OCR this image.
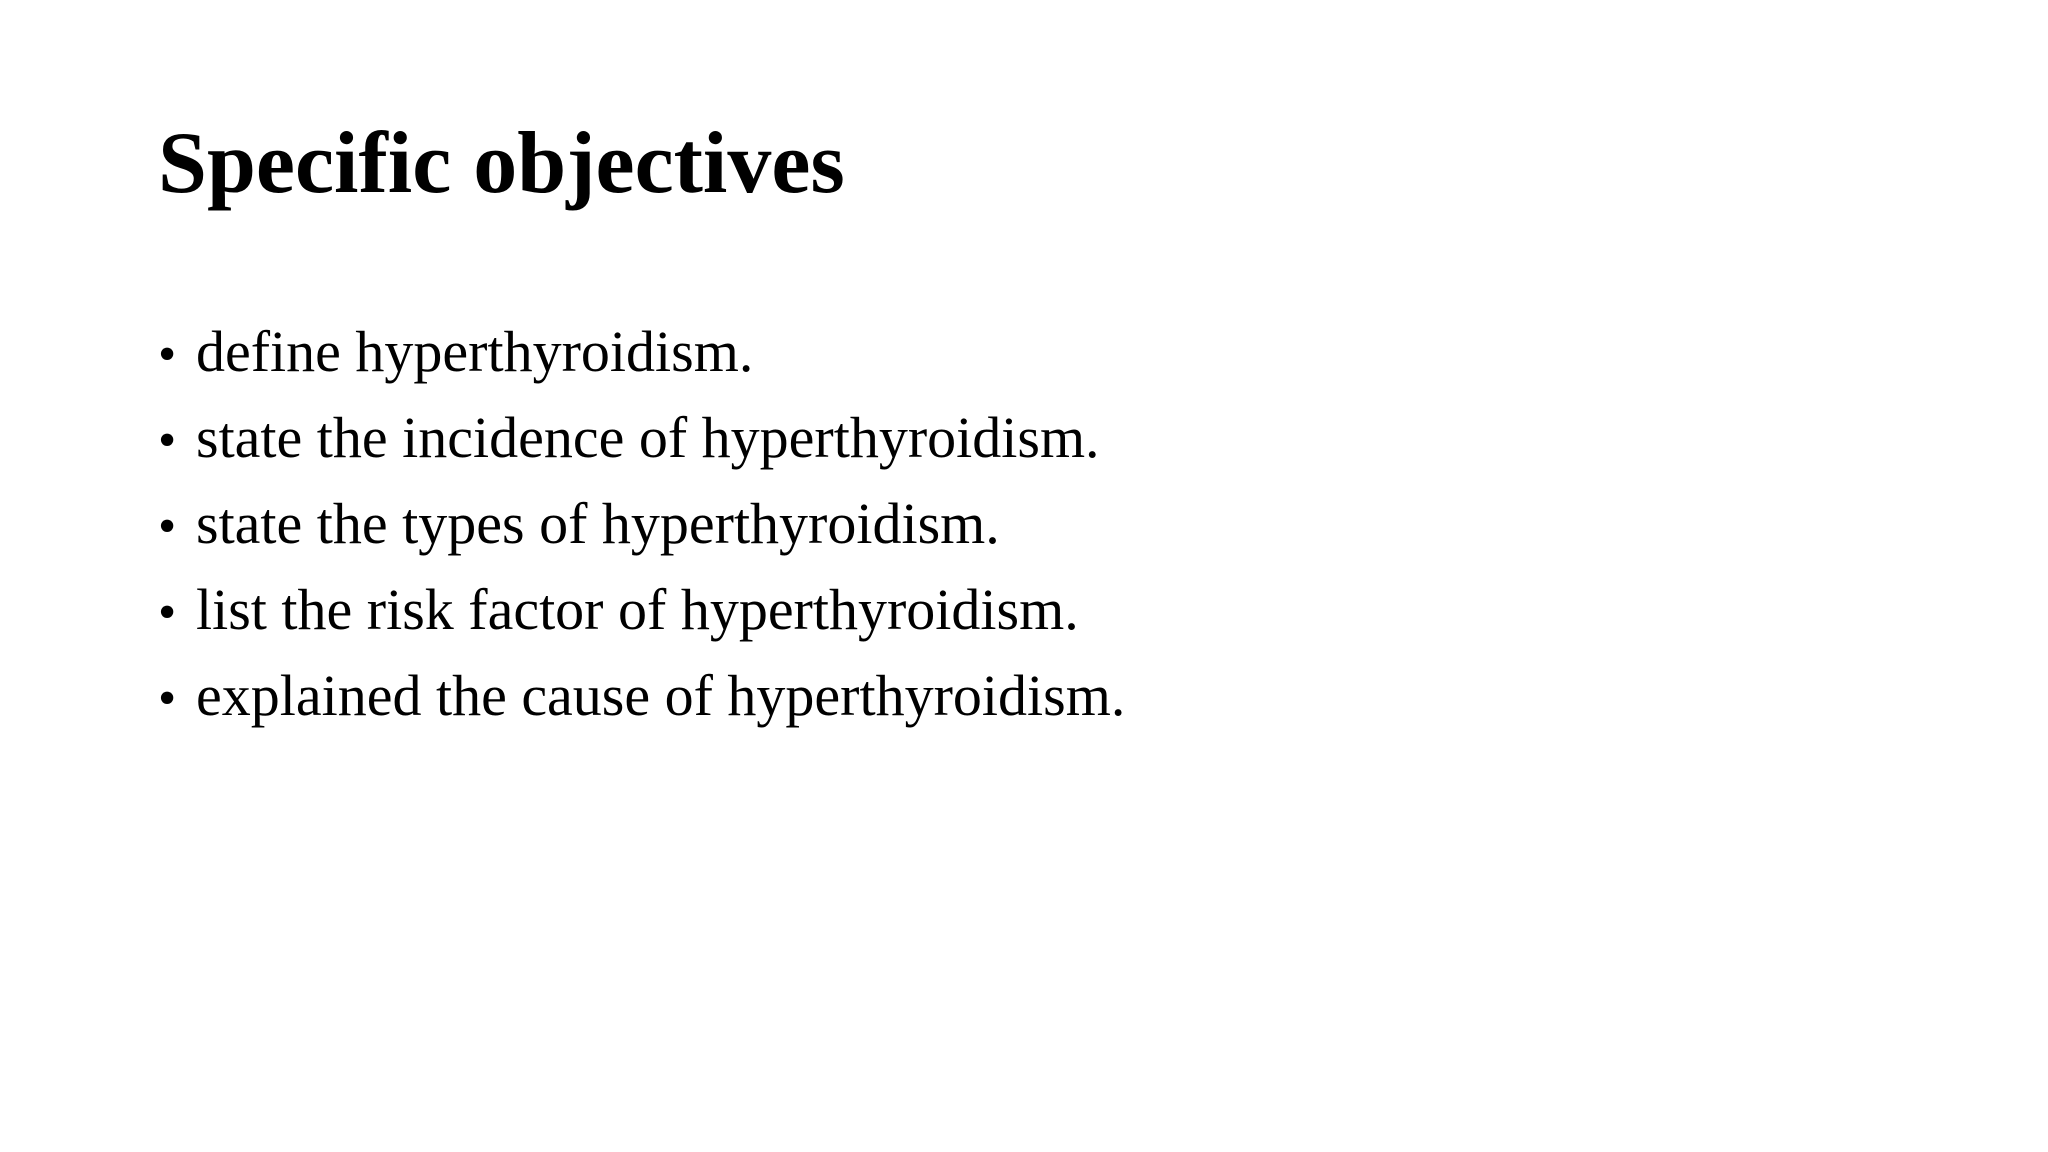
Specific objectives
• define hyperthyroidism.
• state the incidence of hyperthyroidism.
• state the types of hyperthyroidism.
• list the risk factor of hyperthyroidism.
• explained the cause of hyperthyroidism.
